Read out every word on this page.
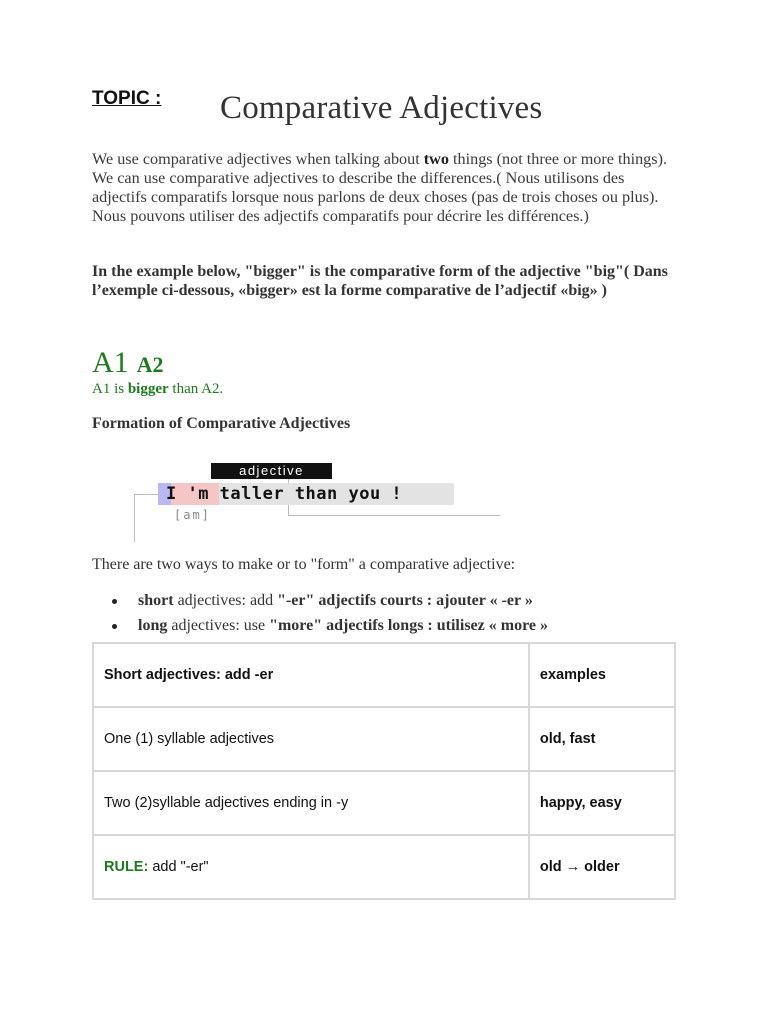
TOPIC : Comparative Adjectives
We use comparative adjectives when talking about two things (not three or more things). We can use comparative adjectives to describe the differences.( Nous utilisons des adjectifs comparatifs lorsque nous parlons de deux choses (pas de trois choses ou plus). Nous pouvons utiliser des adjectifs comparatifs pour décrire les différences.)
In the example below, "bigger" is the comparative form of the adjective "big"( Dans l’exemple ci-dessous, «bigger» est la forme comparative de l’adjectif «big» )
A1 A2
A1 is bigger than A2.
Formation of Comparative Adjectives
adjective
I 'm taller than you !
[am]
There are two ways to make or to "form" a comparative adjective:
short adjectives: add "-er" adjectifs courts : ajouter « -er »
long adjectives: use "more" adjectifs longs : utilisez « more »
Short adjectives: add -er	examples
One (1) syllable adjectives	old, fast
Two (2)syllable adjectives ending in -y	happy, easy
RULE: add "-er"	old → older
